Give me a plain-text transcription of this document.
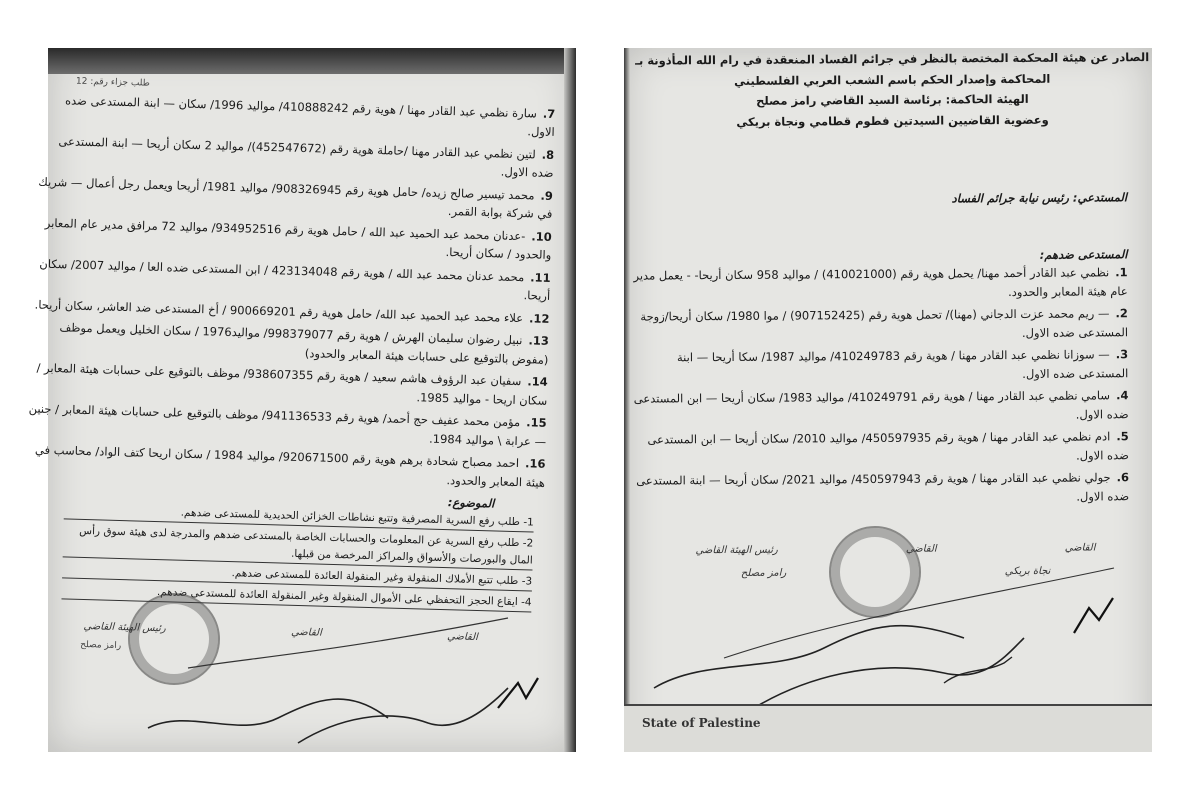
طلب جزاء رقم: 12
7.سارة نظمي عبد القادر مهنا / هوية رقم 410888242/ مواليد 1996/ سكان — ابنة المستدعى ضده الاول.
8.لتين نظمي عبد القادر مهنا /حاملة هوية رقم (452547672)/ مواليد 2 سكان أريحا — ابنة المستدعى ضده الاول.
9.محمد تيسير صالح زيده/ حامل هوية رقم 908326945/ مواليد 1981/ أريحا ويعمل رجل أعمال — شريك في شركة بوابة القمر.
10.-عدنان محمد عبد الحميد عبد الله / حامل هوية رقم 934952516/ مواليد 72 مرافق مدير عام المعابر والحدود / سكان أريحا.
11.محمد عدنان محمد عبد الله / هوية رقم 423134048 / ابن المستدعى ضده العا / مواليد 2007/ سكان أريحا.
12.علاء محمد عبد الحميد عبد الله/ حامل هوية رقم 900669201 / أخ المستدعى ضد العاشر، سكان أريحا.
13.نبيل رضوان سليمان الهرش / هوية رقم 998379077/ مواليد1976 / سكان الخليل ويعمل موظف (مفوض بالتوقيع على حسابات هيئة المعابر والحدود)
14.سفيان عبد الرؤوف هاشم سعيد / هوية رقم 938607355/ موظف بالتوقيع على حسابات هيئة المعابر / سكان اريحا - مواليد 1985.
15.مؤمن محمد عفيف حج أحمد/ هوية رقم 941136533/ موظف بالتوقيع على حسابات هيئة المعابر / جنين — عرابة \ مواليد 1984.
16.احمد مصباح شحادة برهم هوية رقم 920671500/ مواليد 1984 / سكان اريحا كتف الواد/ محاسب في هيئة المعابر والحدود.
الموضوع:
1- طلب رفع السرية المصرفية وتتبع نشاطات الخزائن الحديدية للمستدعى ضدهم.
2- طلب رفع السرية عن المعلومات والحسابات الخاصة بالمستدعى ضدهم والمدرجة لدى هيئة سوق رأس المال والبورصات والأسواق والمراكز المرخصة من قبلها.
3- طلب تتبع الأملاك المنقولة وغير المنقولة العائدة للمستدعى ضدهم.
4- ايقاع الحجز التحفظي على الأموال المنقولة وغير المنقولة العائدة للمستدعى ضدهم.
القاضي
القاضي
رئيس الهيئة القاضي
رامز مصلح
الصادر عن هيئة المحكمة المختصة بالنظر في جرائم الفساد المنعقدة في رام الله المأذونة بـ
المحاكمة وإصدار الحكم باسم الشعب العربي الفلسطيني
الهيئة الحاكمة: برئاسة السيد القاضي رامز مصلح
وعضوية القاضيين السيدتين فطوم قطامي ونجاة بريكي
المستدعي: رئيس نيابة جرائم الفساد
المستدعى ضدهم:
1.نظمي عبد القادر أحمد مهنا/ يحمل هوية رقم (410021000) / مواليد 958 سكان أريحا- - يعمل مدير عام هيئة المعابر والحدود.
2.— ريم محمد عزت الدجاني (مهنا)/ تحمل هوية رقم (907152425) / موا 1980/ سكان أريحا/زوجة المستدعى ضده الاول.
3.— سوزانا نظمي عبد القادر مهنا / هوية رقم 410249783/ مواليد 1987/ سكا أريحا — ابنة المستدعى ضده الاول.
4.سامي نظمي عبد القادر مهنا / هوية رقم 410249791/ مواليد 1983/ سكان أريحا — ابن المستدعى ضده الاول.
5.ادم نظمي عبد القادر مهنا / هوية رقم 450597935/ مواليد 2010/ سكان أريحا — ابن المستدعى ضده الاول.
6.جولي نظمي عبد القادر مهنا / هوية رقم 450597943/ مواليد 2021/ سكان أريحا — ابنة المستدعى ضده الاول.
القاضي
القاضي
رئيس الهيئة القاضي
نجاة بريكي
رامز مصلح
State of Palestine
